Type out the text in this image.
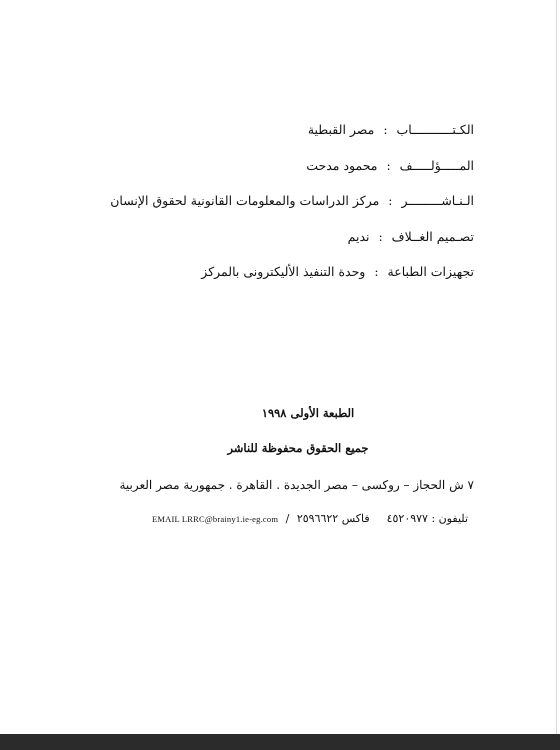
الكـتـــــــــــاب : مصر القبطية
المـــــؤلـــــف : محمود مدحت
الـنـاشـــــــــر : مركز الدراسات والمعلومات القانونية لحقوق الإنسان
تصـميم الغــلاف : نديم
تجهيزات الطباعة : وحدة التنفيذ الأليكترونى بالمركز
الطبعة الأولى ١٩٩٨
جميع الحقوق محفوظة للناشر
٧ ش الحجاز – روكسى – مصر الجديدة . القاهرة . جمهورية مصر العربية
تليفون : ٤٥٢٠٩٧٧  فاكس ٢٥٩٦٦٢٢ / EMAIL LRRC@brainy1.ie-eg.com
